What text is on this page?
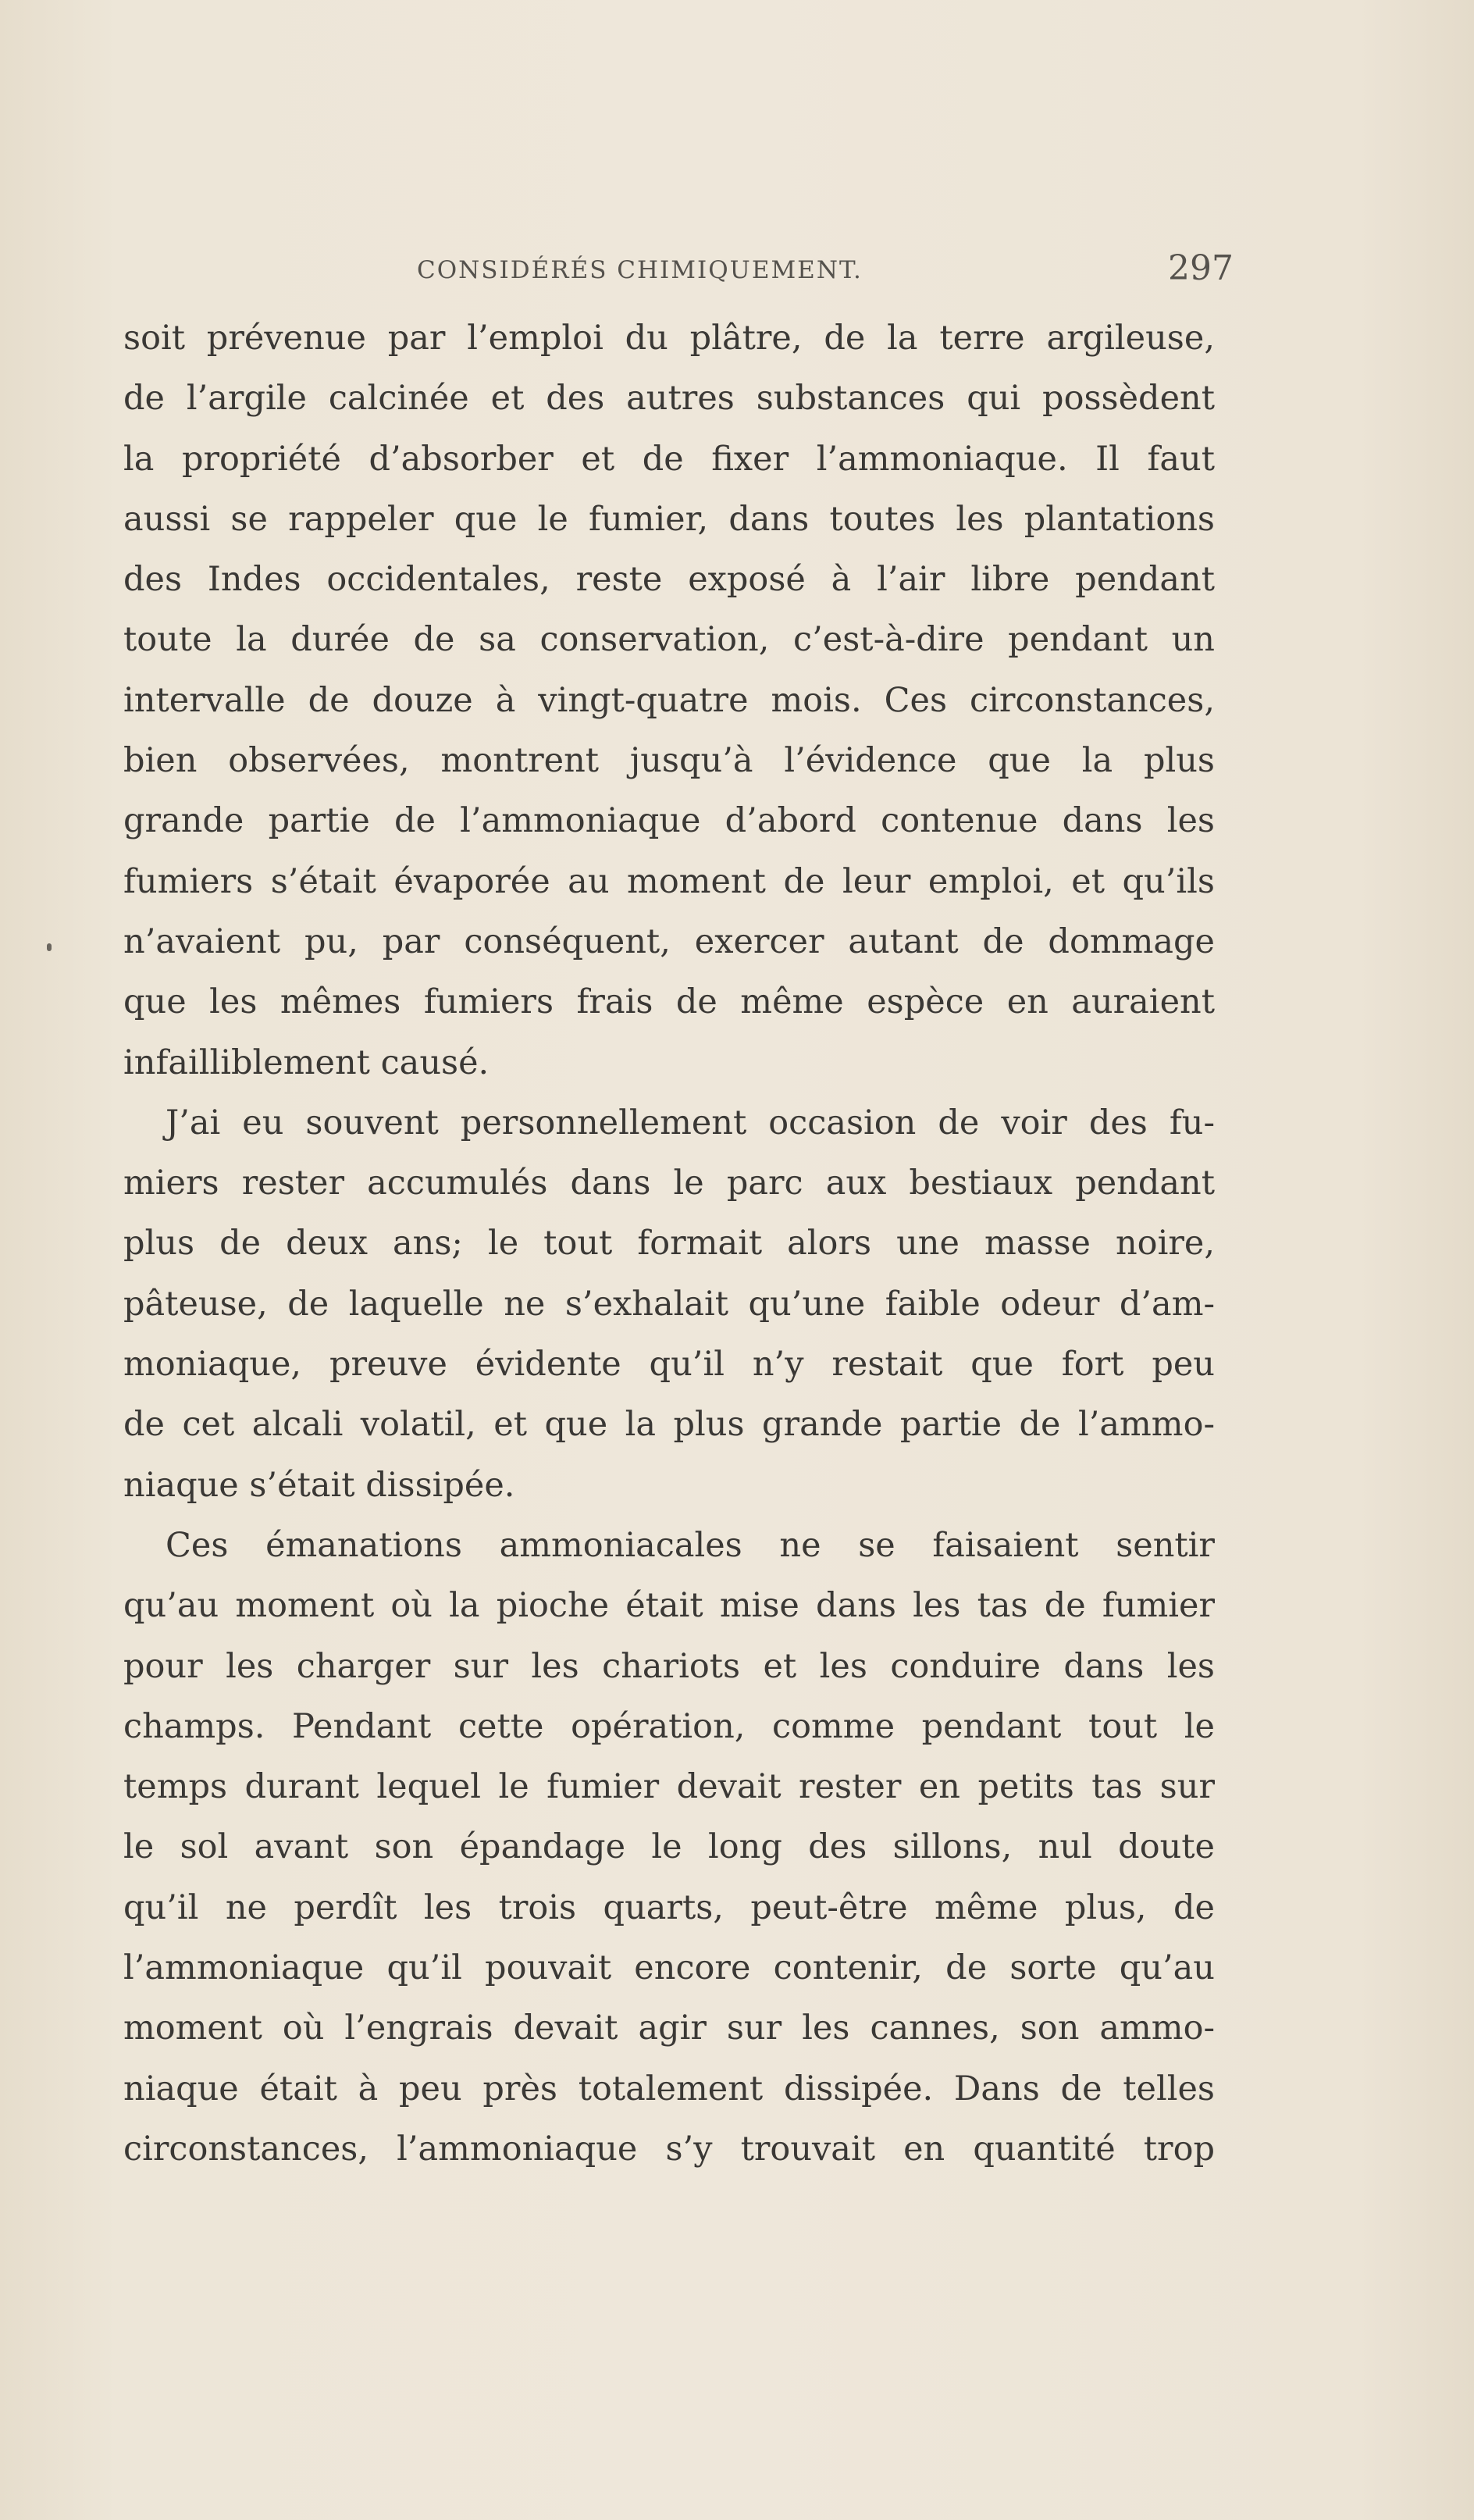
CONSIDÉRÉS CHIMIQUEMENT.	297
soit prévenue par l’emploi du plâtre, de la terre argileuse,
de l’argile calcinée et des autres substances qui possèdent
la propriété d’absorber et de fixer l’ammoniaque. Il faut
aussi se rappeler que le fumier, dans toutes les plantations
des Indes occidentales, reste exposé à l’air libre pendant
toute la durée de sa conservation, c’est-à-dire pendant un
intervalle de douze à vingt-quatre mois. Ces circonstances,
bien observées, montrent jusqu’à l’évidence que la plus
grande partie de l’ammoniaque d’abord contenue dans les
fumiers s’était évaporée au moment de leur emploi, et qu’ils
n’avaient pu, par conséquent, exercer autant de dommage
que les mêmes fumiers frais de même espèce en auraient
infailliblement causé.
J’ai eu souvent personnellement occasion de voir des fu-
miers rester accumulés dans le parc aux bestiaux pendant
plus de deux ans; le tout formait alors une masse noire,
pâteuse, de laquelle ne s’exhalait qu’une faible odeur d’am-
moniaque, preuve évidente qu’il n’y restait que fort peu
de cet alcali volatil, et que la plus grande partie de l’ammo-
niaque s’était dissipée.
Ces émanations ammoniacales ne se faisaient sentir
qu’au moment où la pioche était mise dans les tas de fumier
pour les charger sur les chariots et les conduire dans les
champs. Pendant cette opération, comme pendant tout le
temps durant lequel le fumier devait rester en petits tas sur
le sol avant son épandage le long des sillons, nul doute
qu’il ne perdît les trois quarts, peut-être même plus, de
l’ammoniaque qu’il pouvait encore contenir, de sorte qu’au
moment où l’engrais devait agir sur les cannes, son ammo-
niaque était à peu près totalement dissipée. Dans de telles
circonstances, l’ammoniaque s’y trouvait en quantité trop
